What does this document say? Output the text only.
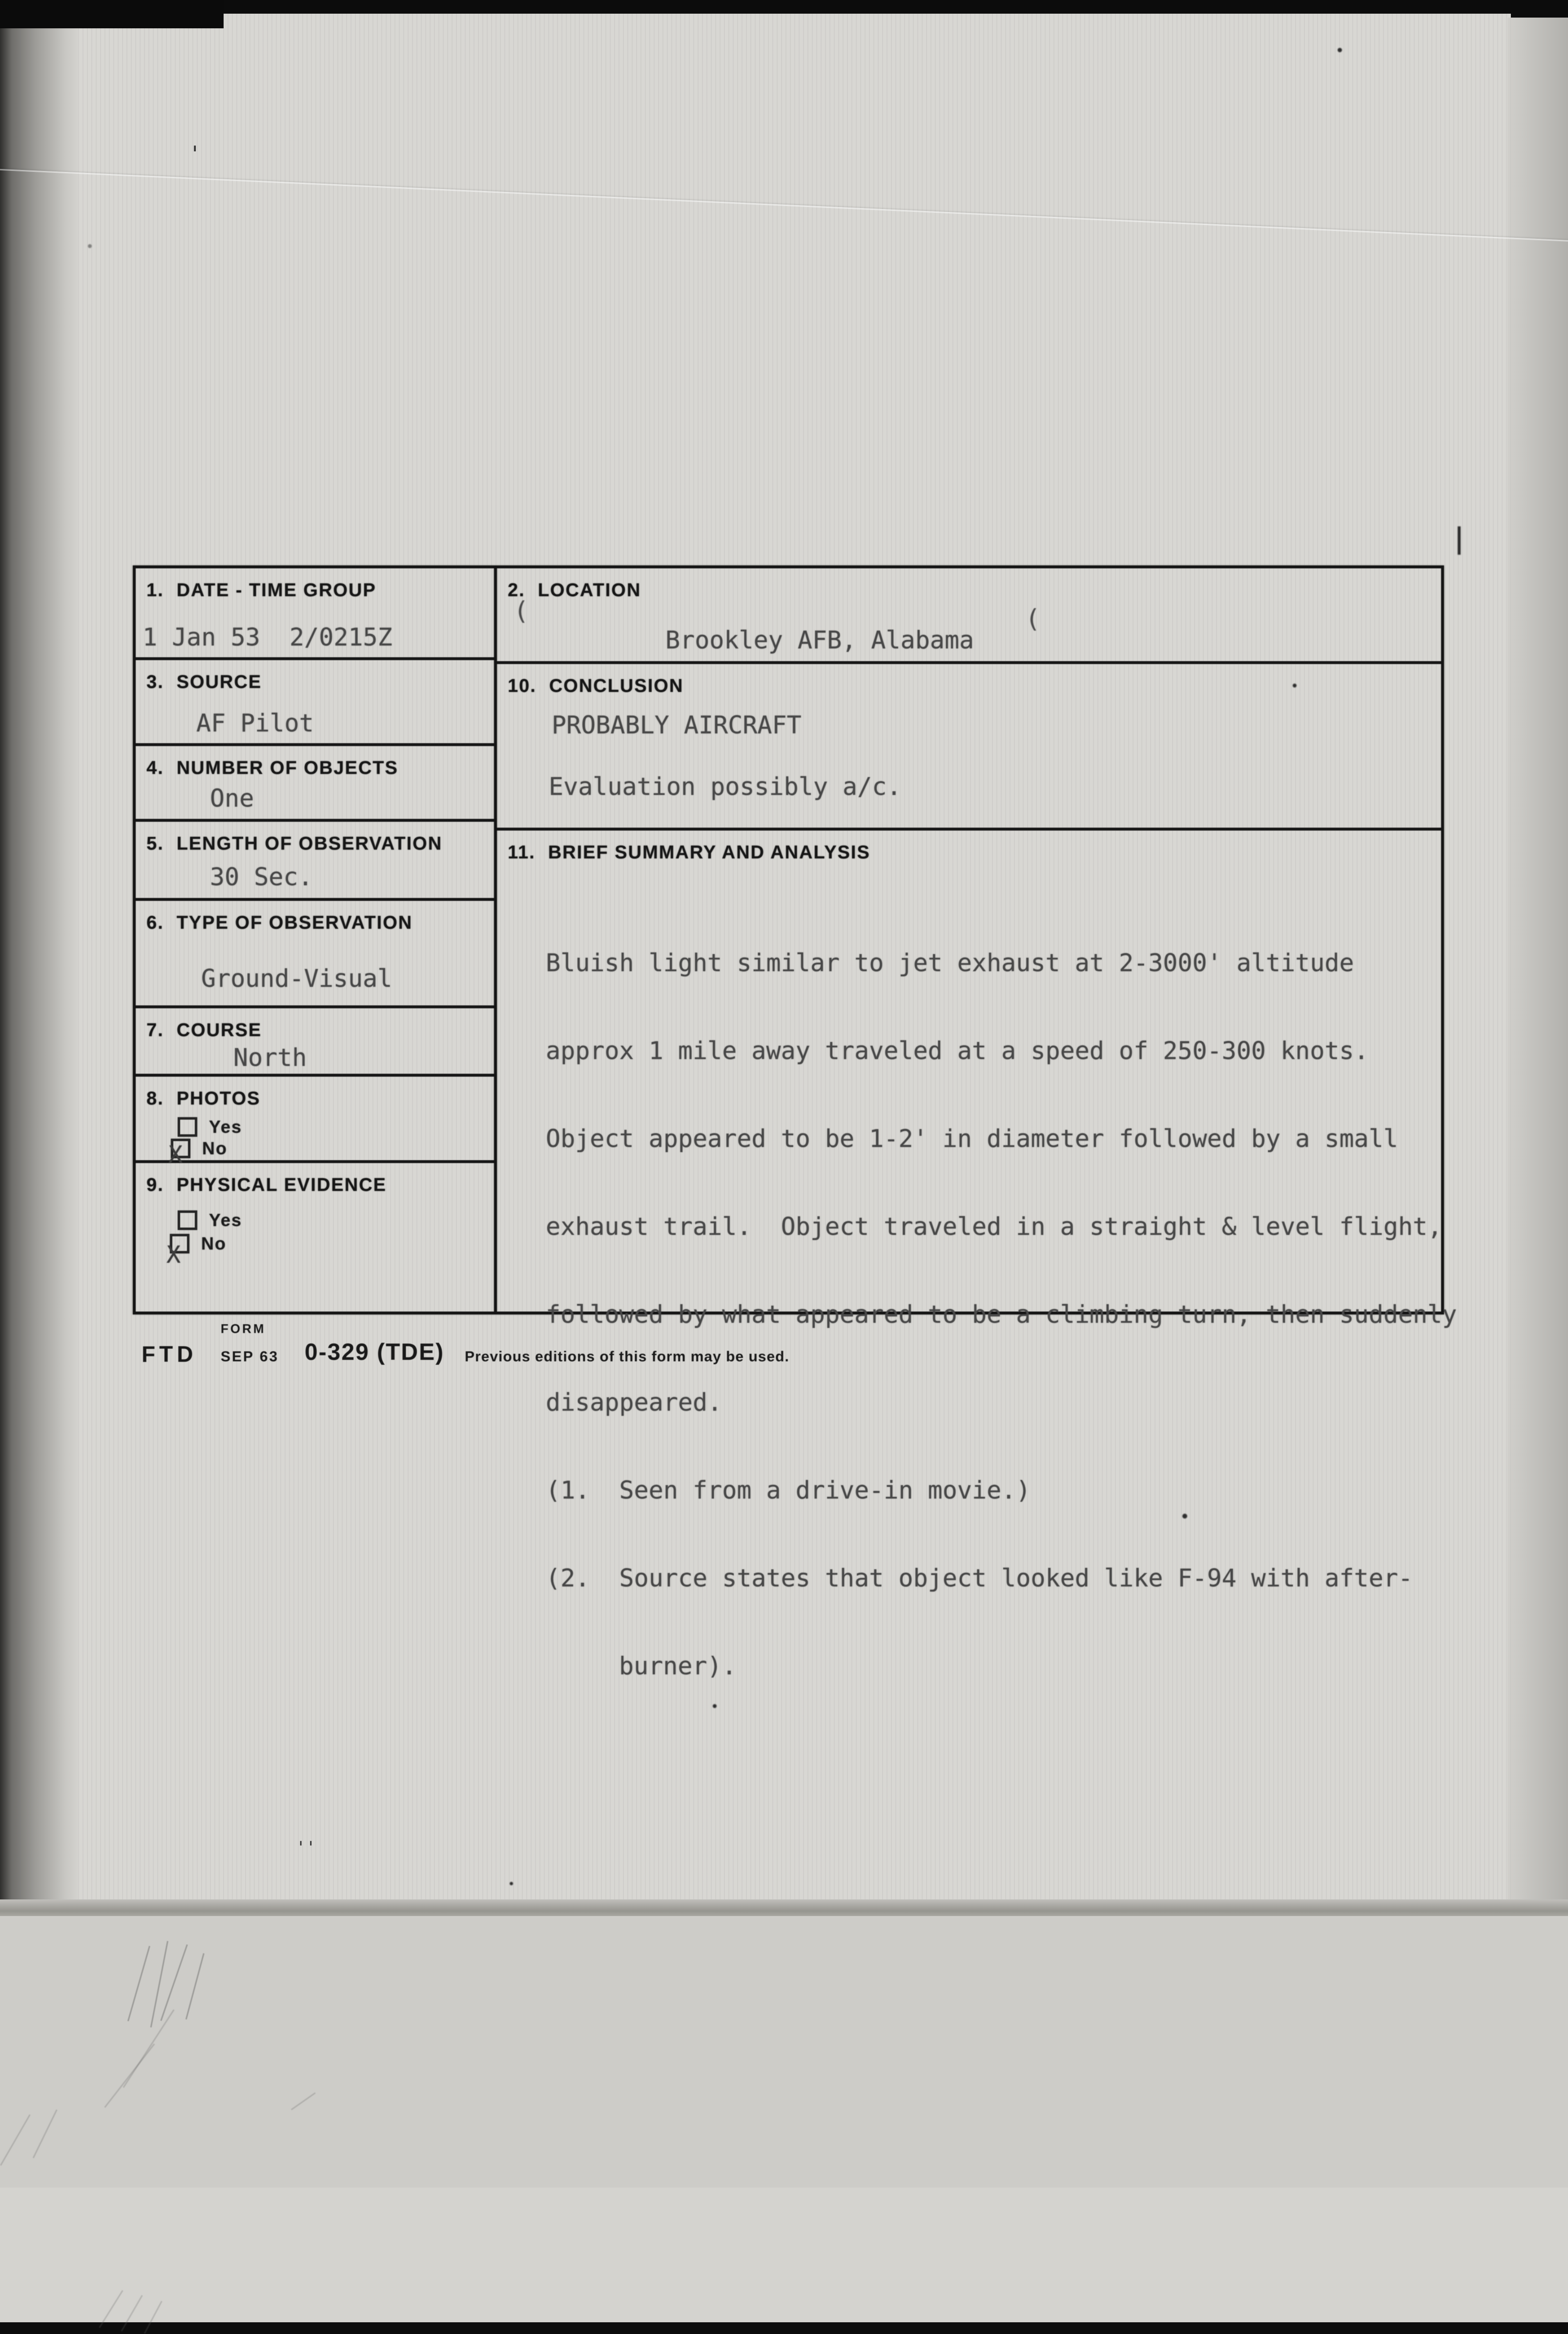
1. DATE - TIME GROUP
1 Jan 53  2/0215Z
3. SOURCE
AF Pilot
4. NUMBER OF OBJECTS
One
5. LENGTH OF OBSERVATION
30 Sec.
6. TYPE OF OBSERVATION
Ground-Visual
7. COURSE
North
8. PHOTOS
Yes
X No
9. PHYSICAL EVIDENCE
Yes
X No
2. LOCATION
(	(
Brookley AFB, Alabama
10. CONCLUSION
PROBABLY AIRCRAFT
Evaluation possibly a/c.
11. BRIEF SUMMARY AND ANALYSIS

Bluish light similar to jet exhaust at 2-3000' altitude

approx 1 mile away traveled at a speed of 250-300 knots.

Object appeared to be 1-2' in diameter followed by a small

exhaust trail.  Object traveled in a straight & level flight,

followed by what appeared to be a climbing turn, then suddenly

disappeared.

(1.  Seen from a drive-in movie.)

(2.  Source states that object looked like F-94 with after-

burner).

FORM
FTD SEP 63 0-329 (TDE) Previous editions of this form may be used.
'
''
